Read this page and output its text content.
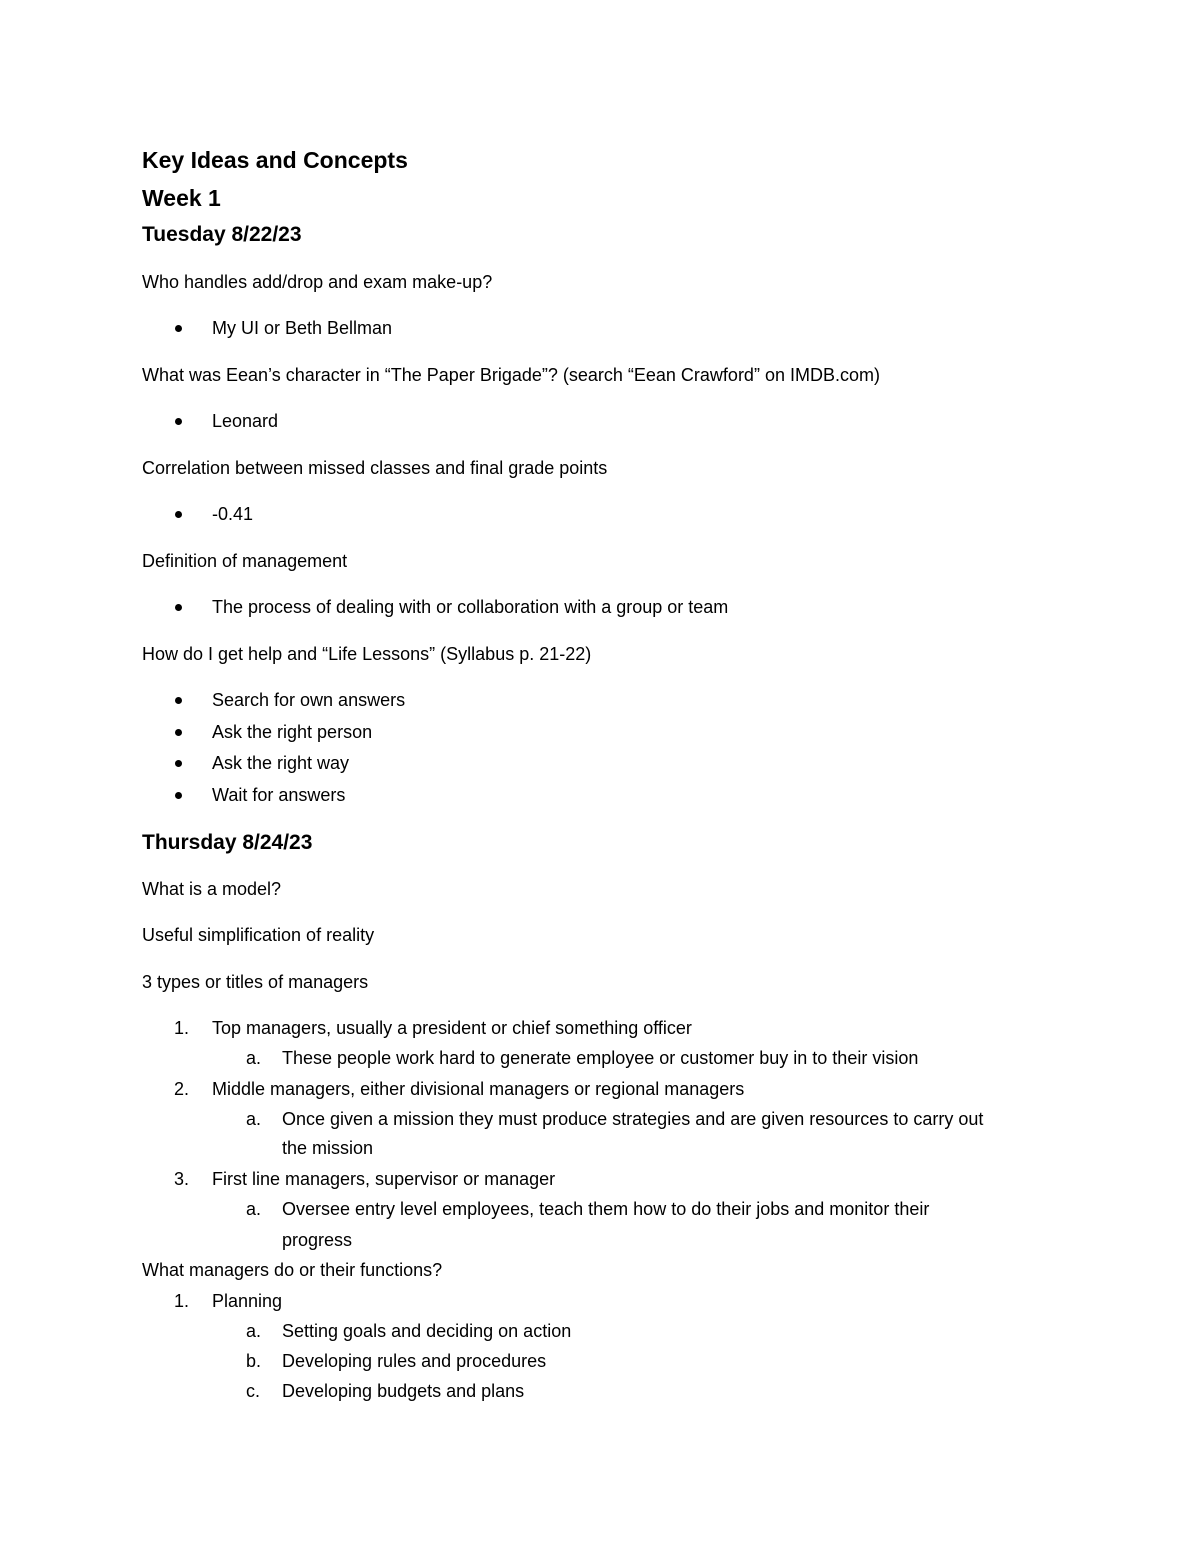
Key Ideas and Concepts
Week 1
Tuesday 8/22/23
Who handles add/drop and exam make-up?
My UI or Beth Bellman
What was Eean’s character in “The Paper Brigade”? (search “Eean Crawford” on IMDB.com)
Leonard
Correlation between missed classes and final grade points
-0.41
Definition of management
The process of dealing with or collaboration with a group or team
How do I get help and “Life Lessons” (Syllabus p. 21-22)
Search for own answers
Ask the right person
Ask the right way
Wait for answers
Thursday 8/24/23
What is a model?
Useful simplification of reality
3 types or titles of managers
1. Top managers, usually a president or chief something officer
a. These people work hard to generate employee or customer buy in to their vision
2. Middle managers, either divisional managers or regional managers
a. Once given a mission they must produce strategies and are given resources to carry out
the mission
3. First line managers, supervisor or manager
a. Oversee entry level employees, teach them how to do their jobs and monitor their
progress
What managers do or their functions?
1. Planning
a. Setting goals and deciding on action
b. Developing rules and procedures
c. Developing budgets and plans
